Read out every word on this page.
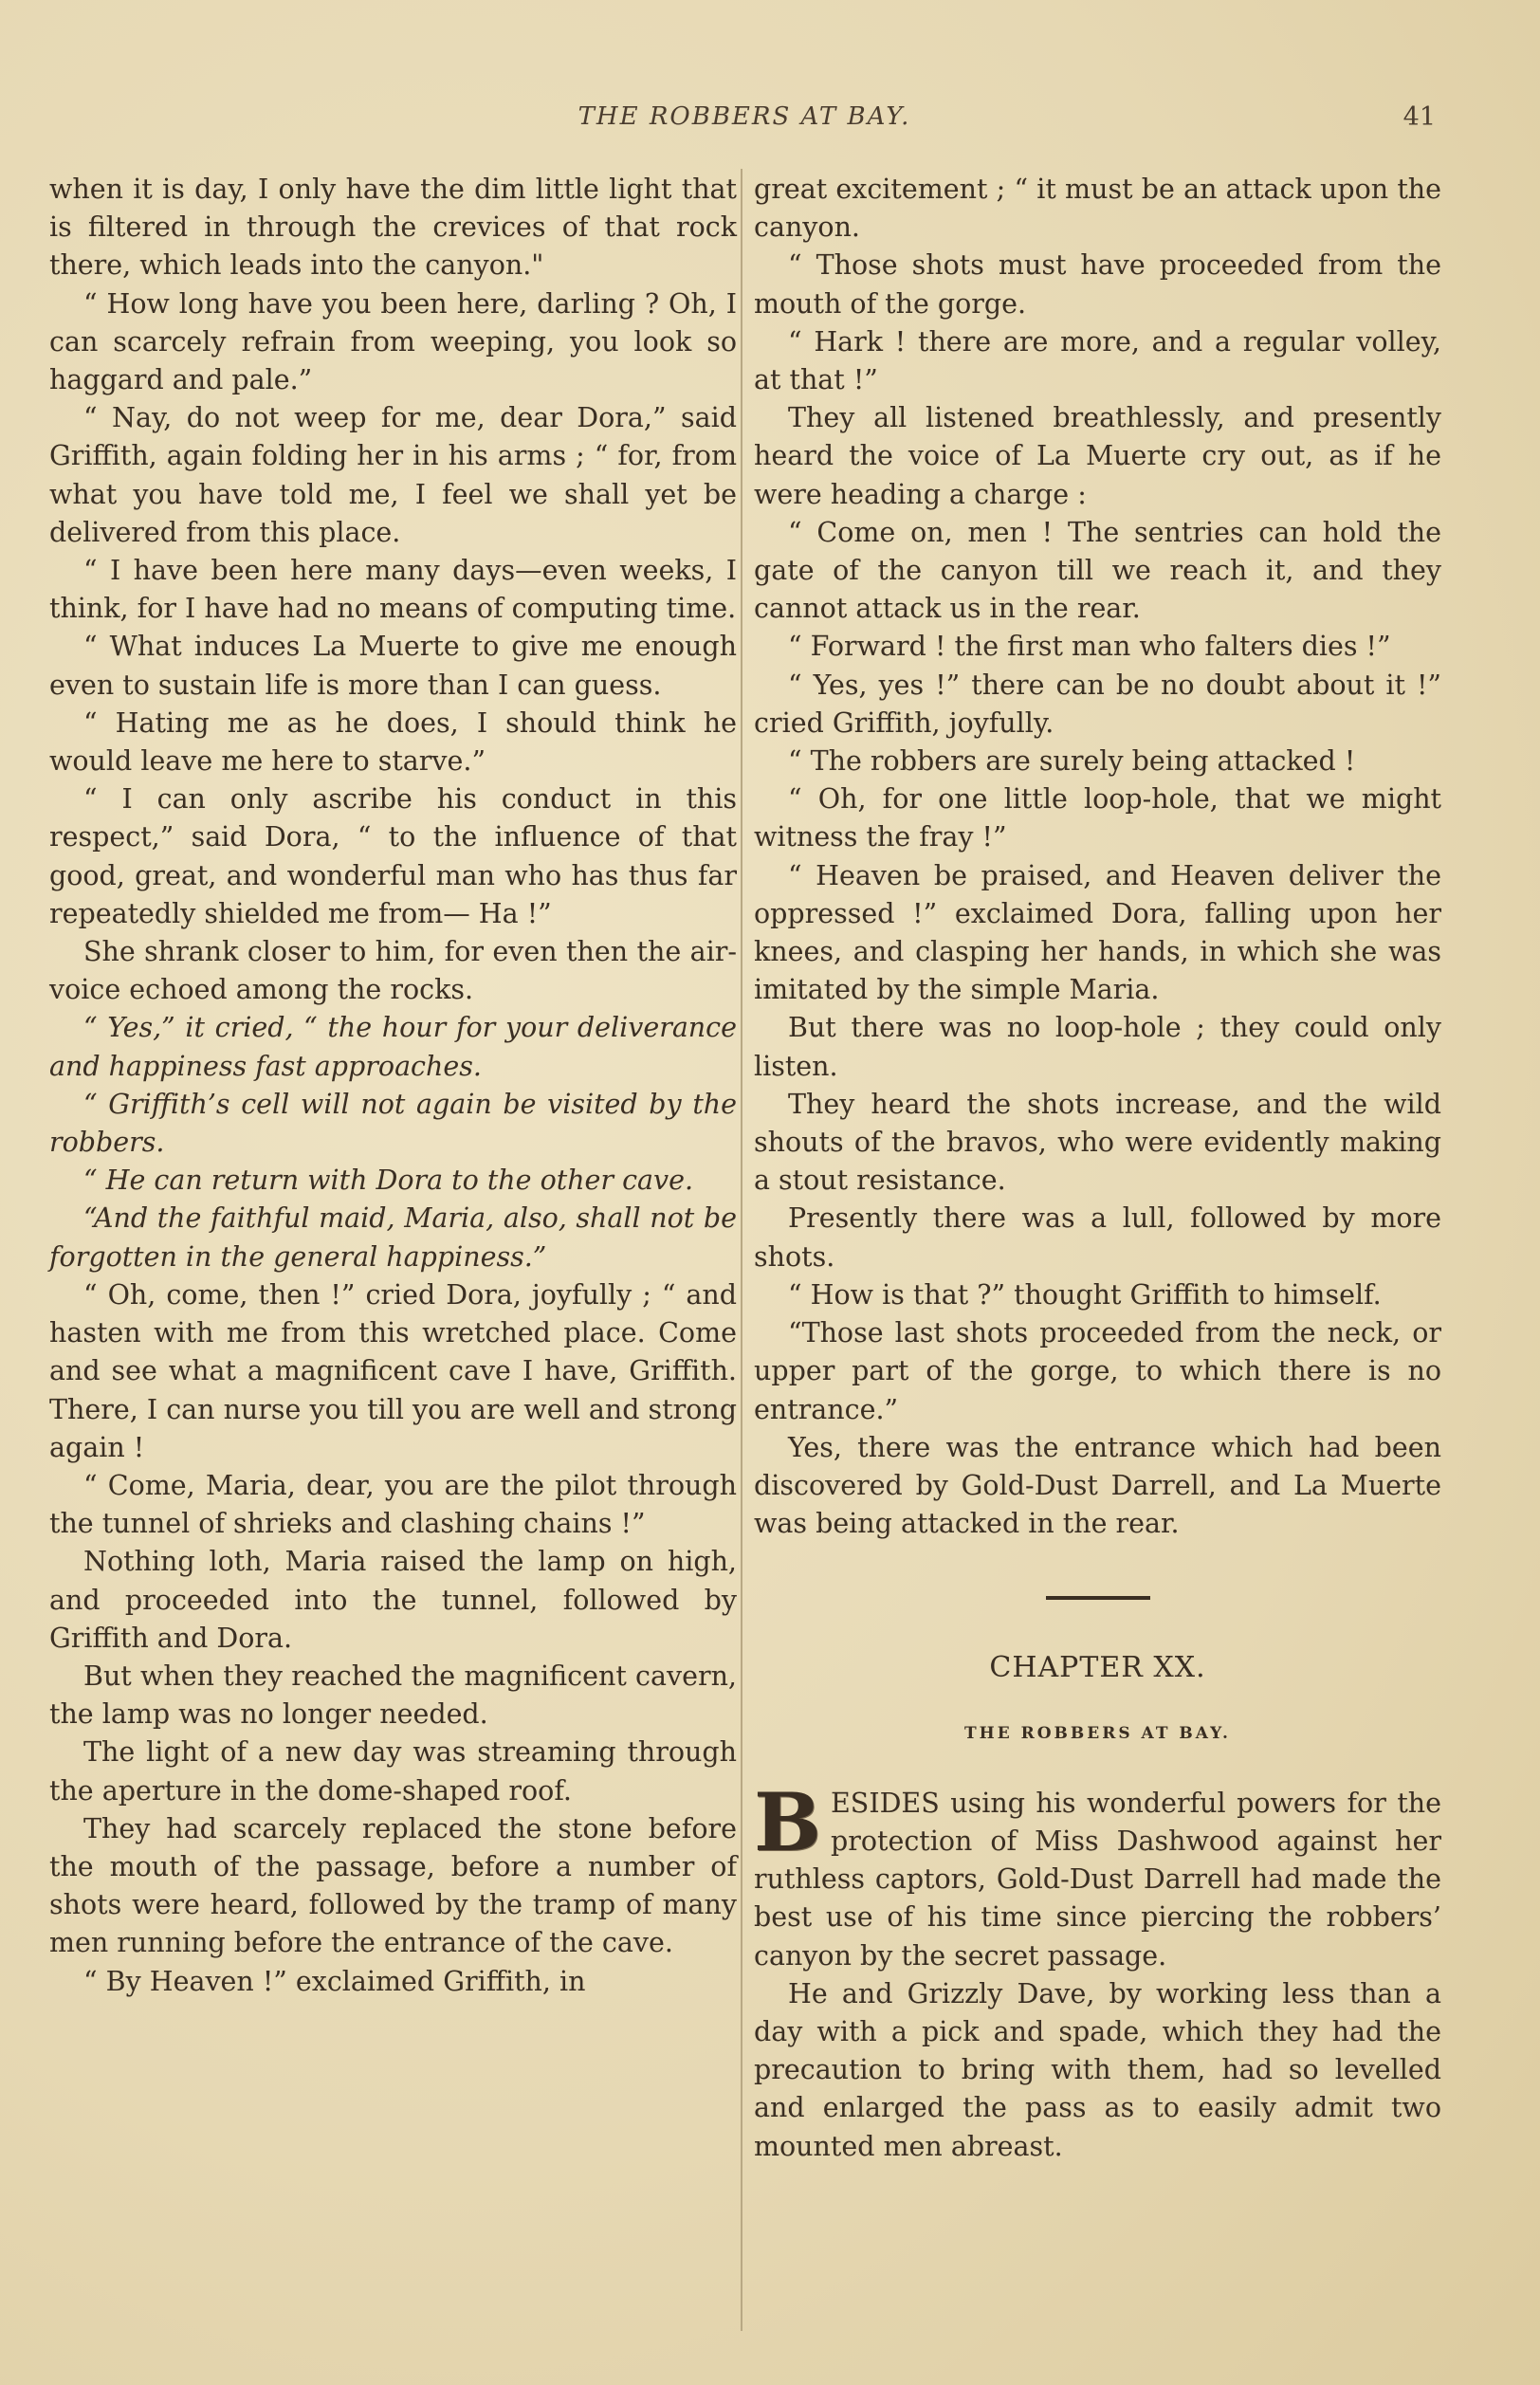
THE ROBBERS AT BAY.	41

when it is day, I only have the dim little light that is filtered in through the crevices of that rock there, which leads into the canyon."

“ How long have you been here, darling ? Oh, I can scarcely refrain from weeping, you look so haggard and pale.”

“ Nay, do not weep for me, dear Dora,” said Griffith, again folding her in his arms ; “ for, from what you have told me, I feel we shall yet be delivered from this place.

“ I have been here many days—even weeks, I think, for I have had no means of computing time.

“ What induces La Muerte to give me enough even to sustain life is more than I can guess.

“ Hating me as he does, I should think he would leave me here to starve.”

“ I can only ascribe his conduct in this respect,” said Dora, “ to the influence of that good, great, and wonderful man who has thus far repeatedly shielded me from— Ha !”

She shrank closer to him, for even then the air-voice echoed among the rocks.

“ Yes,” it cried, “ the hour for your deliverance and happiness fast approaches.

“ Griffith’s cell will not again be visited by the robbers.

“ He can return with Dora to the other cave.

“And the faithful maid, Maria, also, shall not be forgotten in the general happiness.”

“ Oh, come, then !” cried Dora, joyfully ; “ and hasten with me from this wretched place. Come and see what a magnificent cave I have, Griffith. There, I can nurse you till you are well and strong again !

“ Come, Maria, dear, you are the pilot through the tunnel of shrieks and clashing chains !”

Nothing loth, Maria raised the lamp on high, and proceeded into the tunnel, followed by Griffith and Dora.

But when they reached the magnificent cavern, the lamp was no longer needed.

The light of a new day was streaming through the aperture in the dome-shaped roof.

They had scarcely replaced the stone before the mouth of the passage, before a number of shots were heard, followed by the tramp of many men running before the entrance of the cave.

“ By Heaven !” exclaimed Griffith, in

great excitement ; “ it must be an attack upon the canyon.

“ Those shots must have proceeded from the mouth of the gorge.

“ Hark ! there are more, and a regular volley, at that !”

They all listened breathlessly, and presently heard the voice of La Muerte cry out, as if he were heading a charge :

“ Come on, men ! The sentries can hold the gate of the canyon till we reach it, and they cannot attack us in the rear.

“ Forward ! the first man who falters dies !”

“ Yes, yes !” there can be no doubt about it !” cried Griffith, joyfully.

“ The robbers are surely being attacked !

“ Oh, for one little loop-hole, that we might witness the fray !”

“ Heaven be praised, and Heaven deliver the oppressed !” exclaimed Dora, falling upon her knees, and clasping her hands, in which she was imitated by the simple Maria.

But there was no loop-hole ; they could only listen.

They heard the shots increase, and the wild shouts of the bravos, who were evidently making a stout resistance.

Presently there was a lull, followed by more shots.

“ How is that ?” thought Griffith to himself.

“Those last shots proceeded from the neck, or upper part of the gorge, to which there is no entrance.”

Yes, there was the entrance which had been discovered by Gold-Dust Darrell, and La Muerte was being attacked in the rear.

CHAPTER XX.
THE ROBBERS AT BAY.

BESIDES using his wonderful powers for the protection of Miss Dashwood against her ruthless captors, Gold-Dust Darrell had made the best use of his time since piercing the robbers’ canyon by the secret passage.

He and Grizzly Dave, by working less than a day with a pick and spade, which they had the precaution to bring with them, had so levelled and enlarged the pass as to easily admit two mounted men abreast.
